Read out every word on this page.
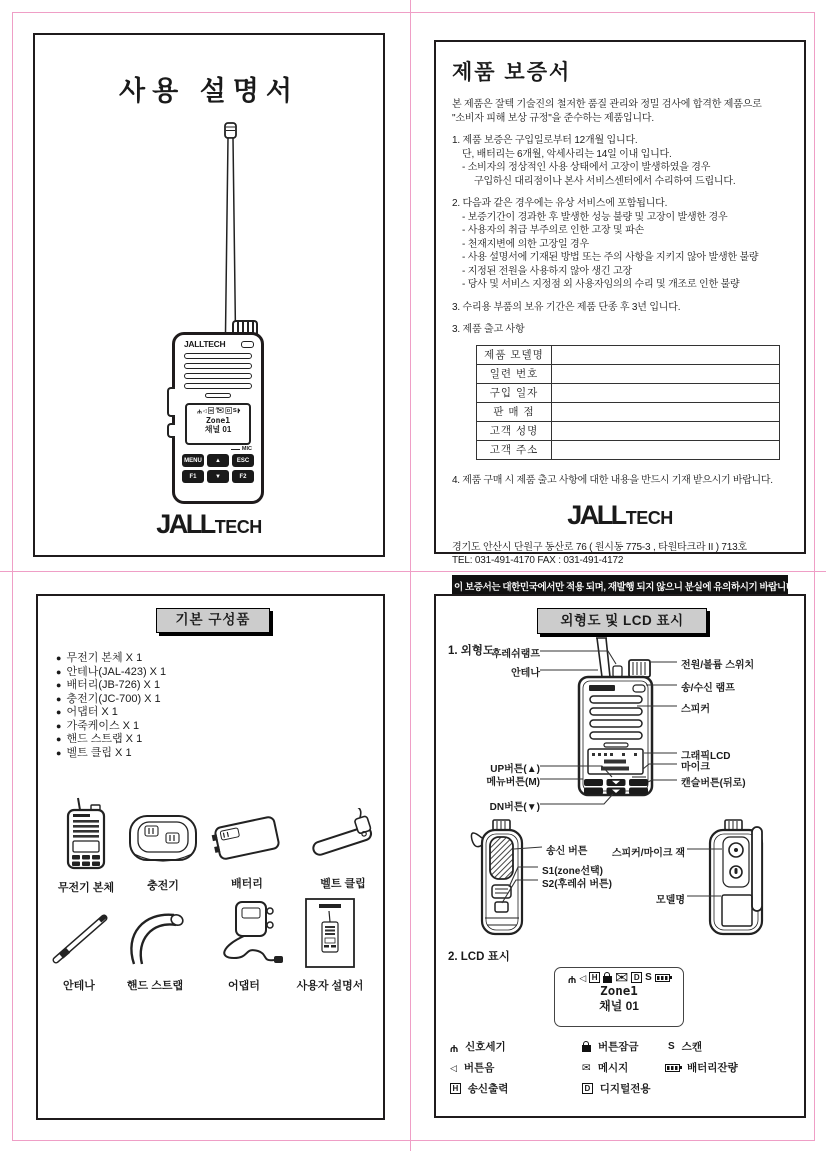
사용 설명서
JALLTECH
Ψ ◁ H ✉ D S
Zone1
채널 01
MIC
MENU	▲	ESC
F1	▼	F2
JALLTECH
제품 보증서
본 제품은 잘텍 기술진의 철저한 품질 관리와 정밀 검사에 합격한 제품으로
"소비자 피해 보상 규정"을 준수하는 제품입니다.
1. 제품 보증은 구입일로부터 12개월 입니다.
단, 배터리는 6개월, 악세사리는 14일 이내 입니다.
- 소비자의 정상적인 사용 상태에서 고장이 발생하였을 경우
구입하신 대리점이나 본사 서비스센터에서 수리하여 드립니다.
2. 다음과 같은 경우에는 유상 서비스에 포함됩니다.
- 보증기간이 경과한 후 발생한 성능 불량 및 고장이 발생한 경우
- 사용자의 취급 부주의로 인한 고장 및 파손
- 천재지변에 의한 고장일 경우
- 사용 설명서에 기재된 방법 또는 주의 사항을 지키지 않아 발생한 불량
- 지정된 전원을 사용하지 않아 생긴 고장
- 당사 및 서비스 지정점 외 사용자임의의 수리 및 개조로 인한 불량
3. 수리용 부품의 보유 기간은 제품 단종 후 3년 입니다.
3. 제품 출고 사항
제품 모델명	
일련 번호	
구입 일자	
판 매 점	
고객 성명	
고객 주소	
4. 제품 구매 시 제품 출고 사항에 대한 내용을 반드시 기재 받으시기 바랍니다.
JALLTECH
경기도 안산시 단원구 동산로 76 ( 원시동 775-3 , 타원타크라 II ) 713호
TEL: 031-491-4170 FAX : 031-491-4172
이 보증서는 대한민국에서만 적용 되며, 재발행 되지 않으니 분실에 유의하시기 바랍니다.
기본 구성품
● 무전기 본체 X 1
● 안테나(JAL-423) X 1
● 배터리(JB-726) X 1
● 충전기(JC-700) X 1
● 어댑터 X 1
● 가죽케이스 X 1
● 핸드 스트랩 X 1
● 벨트 클립 X 1
무전기 본체	충전기	배터리	벨트 클립
안테나	핸드 스트랩	어댑터	사용자 설명서
외형도 및 LCD 표시
1. 외형도
후레쉬램프
안테나
UP버튼(▲)
메뉴버튼(M)
DN버튼(▼)
전원/볼륨 스위치
송/수신 램프
스피커
그래픽LCD
마이크
캔슬버튼(뒤로)
송신 버튼
S1(zone선택)
S2(후레쉬 버튼)
스피커/마이크 잭
모델명
2. LCD 표시
Ψ ◁ H ✉ D S
Zone1
채널 01
Ψ 신호세기	버튼잠금	S 스캔
◁ 버튼음	✉ 메시지	배터리잔량
H 송신출력	D 디지털전용
